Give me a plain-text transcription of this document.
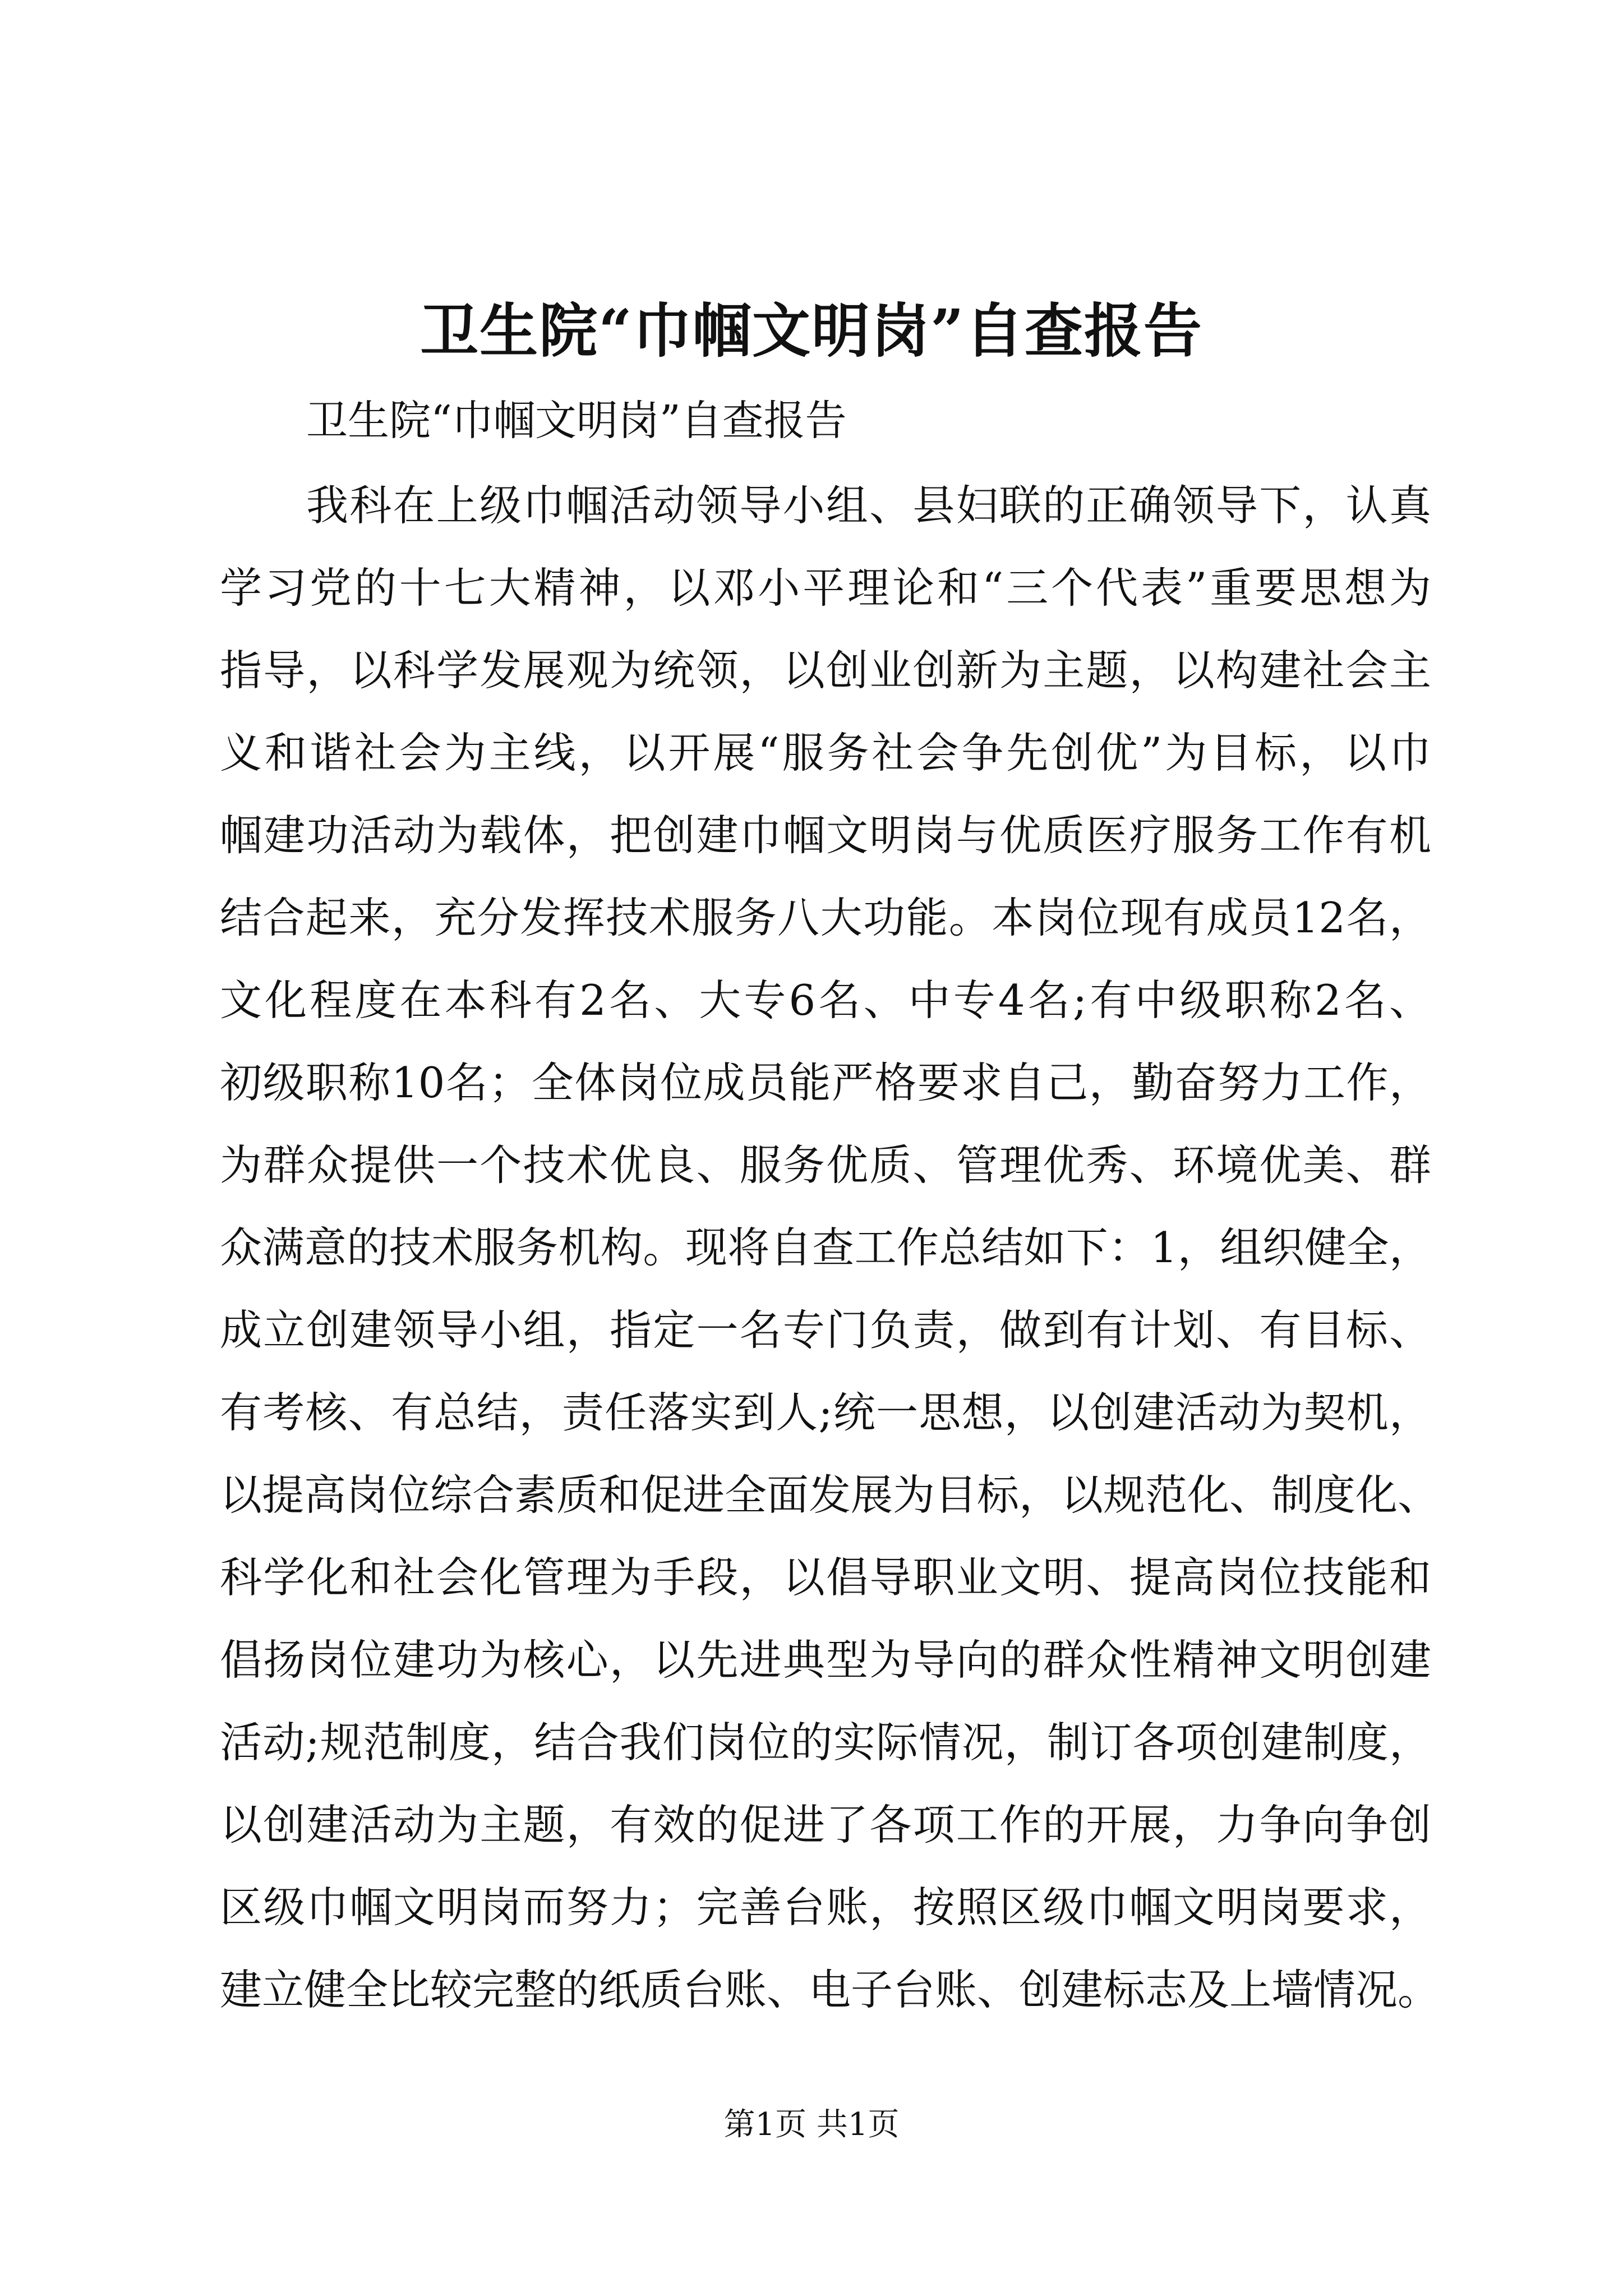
卫生院“巾帼文明岗”自查报告

卫生院“巾帼文明岗”自查报告

我科在上级巾帼活动领导小组、县妇联的正确领导下，认真
学习党的十七大精神，以邓小平理论和“三个代表”重要思想为
指导，以科学发展观为统领，以创业创新为主题，以构建社会主
义和谐社会为主线，以开展“服务社会争先创优”为目标，以巾
帼建功活动为载体，把创建巾帼文明岗与优质医疗服务工作有机
结合起来，充分发挥技术服务八大功能。本岗位现有成员12名，
文化程度在本科有2名、大专6名、中专4名;有中级职称2名、
初级职称10名；全体岗位成员能严格要求自己，勤奋努力工作，
为群众提供一个技术优良、服务优质、管理优秀、环境优美、群
众满意的技术服务机构。现将自查工作总结如下：1，组织健全，
成立创建领导小组，指定一名专门负责，做到有计划、有目标、
有考核、有总结，责任落实到人;统一思想，以创建活动为契机，
以提高岗位综合素质和促进全面发展为目标，以规范化、制度化、
科学化和社会化管理为手段，以倡导职业文明、提高岗位技能和
倡扬岗位建功为核心，以先进典型为导向的群众性精神文明创建
活动;规范制度，结合我们岗位的实际情况，制订各项创建制度，
以创建活动为主题，有效的促进了各项工作的开展，力争向争创
区级巾帼文明岗而努力；完善台账，按照区级巾帼文明岗要求，
建立健全比较完整的纸质台账、电子台账、创建标志及上墙情况。
第1页 共1页
